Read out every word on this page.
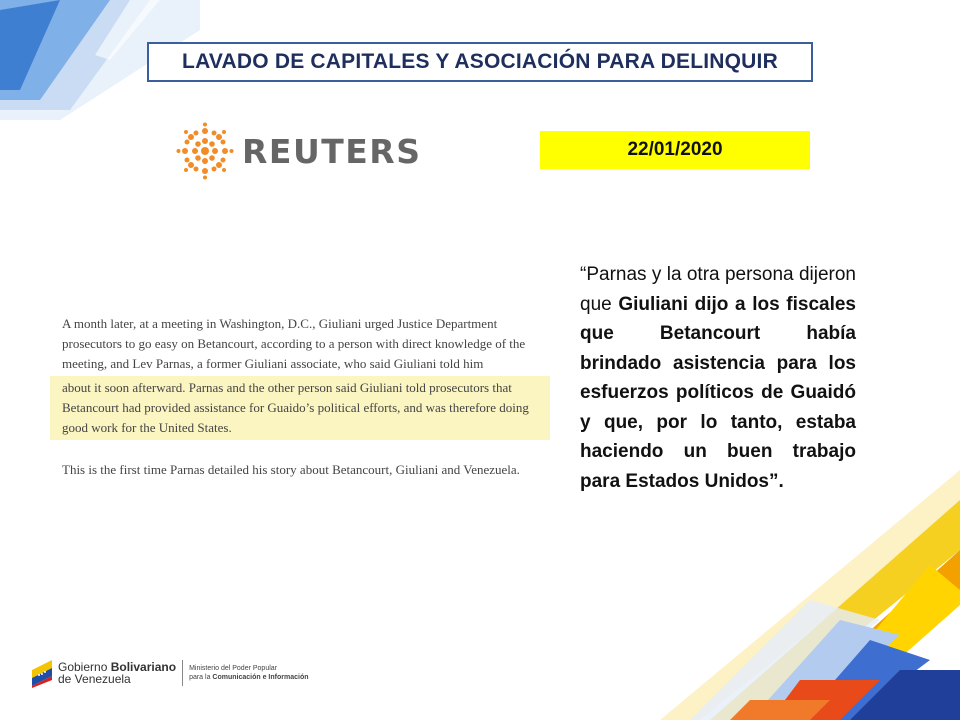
LAVADO DE CAPITALES Y ASOCIACIÓN PARA DELINQUIR
REUTERS	22/01/2020

A month later, at a meeting in Washington, D.C., Giuliani urged Justice Department prosecutors to go easy on Betancourt, according to a person with direct knowledge of the meeting, and Lev Parnas, a former Giuliani associate, who said Giuliani told him

about it soon afterward. Parnas and the other person said Giuliani told prosecutors that Betancourt had provided assistance for Guaido’s political efforts, and was therefore doing good work for the United States.

This is the first time Parnas detailed his story about Betancourt, Giuliani and Venezuela.

“Parnas y la otra persona dijeron que Giuliani dijo a los fiscales que Betancourt había brindado asistencia para los esfuerzos políticos de Guaidó y que, por lo tanto, estaba haciendo un buen trabajo para Estados Unidos”.
Gobierno Bolivariano
de Venezuela
Ministerio del Poder Popular
para la Comunicación e Información
